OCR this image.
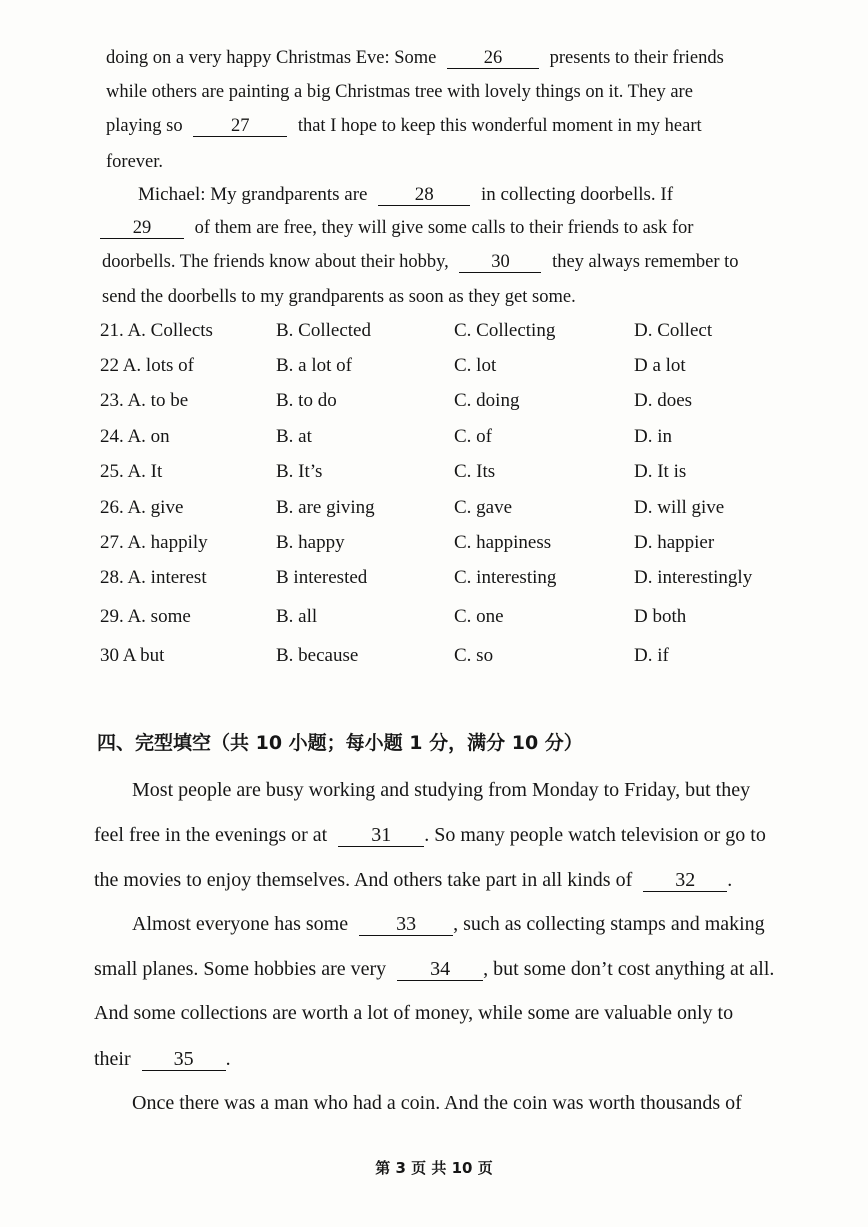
doing on a very happy Christmas Eve: Some	26	presents to their friends
while others are painting a big Christmas tree with lovely things on it. They are
playing so	27	that I hope to keep this wonderful moment in my heart
forever.
Michael: My grandparents are 28 in collecting doorbells. If
29 of them are free, they will give some calls to their friends to ask for
doorbells. The friends know about their hobby, 30 they always remember to
send the doorbells to my grandparents as soon as they get some.
21. A. Collects	B. Collected	C. Collecting	D. Collect
22 A. lots of	B. a lot of	C. lot	D a lot
23. A. to be	B. to do	C. doing	D. does
24. A. on	B. at	C. of	D. in
25. A. It	B. It’s	C. Its	D. It is
26. A. give	B. are giving	C. gave	D. will give
27. A. happily	B. happy	C. happiness	D. happier
28. A. interest	B interested	C. interesting	D. interestingly
29. A. some	B. all	C. one	D both
30 A but	B. because	C. so	D. if
四、完型填空（共 10 小题；每小题 1 分，满分 10 分）
Most people are busy working and studying from Monday to Friday, but they
feel free in the evenings or at 31 . So many people watch television or go to
the movies to enjoy themselves. And others take part in all kinds of 32 .
Almost everyone has some 33 , such as collecting stamps and making
small planes. Some hobbies are very 34 , but some don’t cost anything at all.
And some collections are worth a lot of money, while some are valuable only to
their 35 .
Once there was a man who had a coin. And the coin was worth thousands of
第 3 页 共 10 页
